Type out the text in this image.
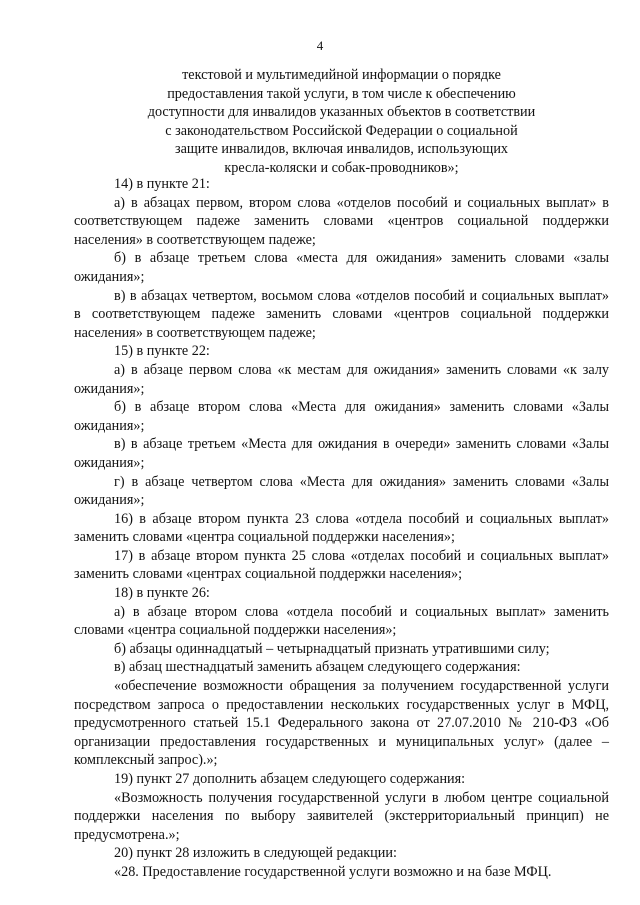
4
текстовой и мультимедийной информации о порядке
предоставления такой услуги, в том числе к обеспечению
доступности для инвалидов указанных объектов в соответствии
с законодательством Российской Федерации о социальной
защите инвалидов, включая инвалидов, использующих
кресла-коляски и собак-проводников»;

14) в пункте 21:

а) в абзацах первом, втором слова «отделов пособий и социальных выплат» в соответствующем падеже заменить словами «центров социальной поддержки населения» в соответствующем падеже;

б) в абзаце третьем слова «места для ожидания» заменить словами «залы ожидания»;

в) в абзацах четвертом, восьмом слова «отделов пособий и социальных выплат» в соответствующем падеже заменить словами «центров социальной поддержки населения» в соответствующем падеже;

15) в пункте 22:

а) в абзаце первом слова «к местам для ожидания» заменить словами «к залу ожидания»;

б) в абзаце втором слова «Места для ожидания» заменить словами «Залы ожидания»;

в) в абзаце третьем «Места для ожидания в очереди» заменить словами «Залы ожидания»;

г) в абзаце четвертом слова «Места для ожидания» заменить словами «Залы ожидания»;

16) в абзаце втором пункта 23 слова «отдела пособий и социальных выплат» заменить словами «центра социальной поддержки населения»;

17) в абзаце втором пункта 25 слова «отделах пособий и социальных выплат» заменить словами «центрах социальной поддержки населения»;

18) в пункте 26:

а) в абзаце втором слова «отдела пособий и социальных выплат» заменить словами «центра социальной поддержки населения»;

б) абзацы одиннадцатый – четырнадцатый признать утратившими силу;

в) абзац шестнадцатый заменить абзацем следующего содержания:

«обеспечение возможности обращения за получением государственной услуги посредством запроса о предоставлении нескольких государственных услуг в МФЦ, предусмотренного статьей 15.1 Федерального закона от 27.07.2010 № 210-ФЗ «Об организации предоставления государственных и муниципальных услуг» (далее – комплексный запрос).»;

19) пункт 27 дополнить абзацем следующего содержания:

«Возможность получения государственной услуги в любом центре социальной поддержки населения по выбору заявителей (экстерриториальный принцип) не предусмотрена.»;

20) пункт 28 изложить в следующей редакции:

«28. Предоставление государственной услуги возможно и на базе МФЦ.
